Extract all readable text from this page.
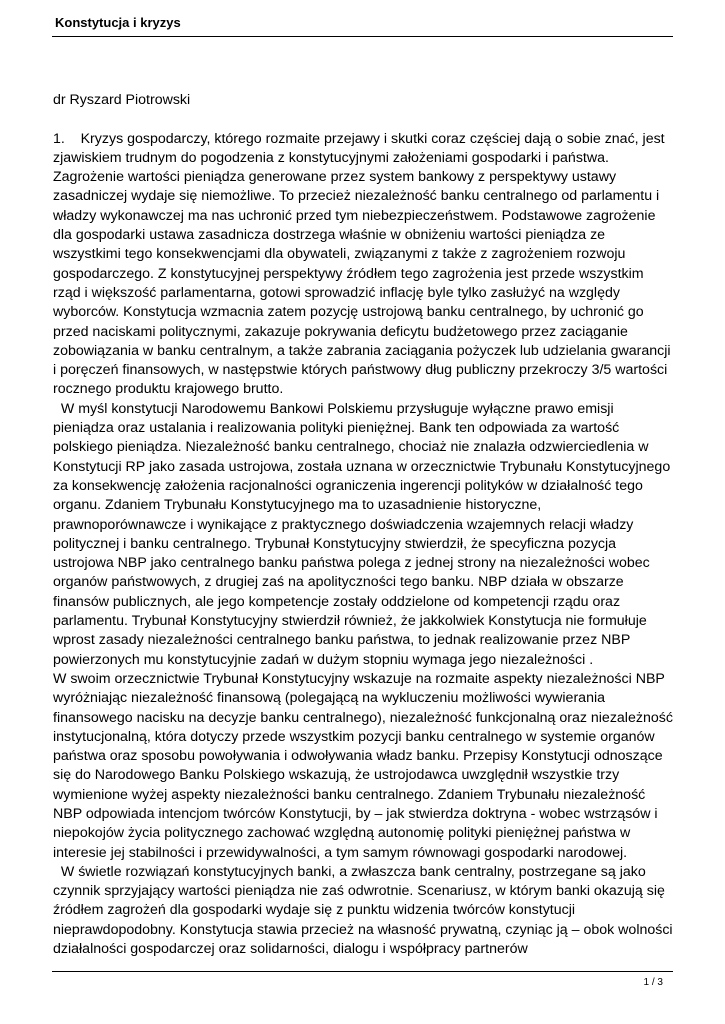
Konstytucja i kryzys

dr Ryszard Piotrowski

1.    Kryzys gospodarczy, którego rozmaite przejawy i skutki coraz częściej dają o sobie znać, jest zjawiskiem trudnym do pogodzenia z konstytucyjnymi założeniami gospodarki i państwa. Zagrożenie wartości pieniądza generowane przez system bankowy z perspektywy ustawy zasadniczej wydaje się niemożliwe. To przecież niezależność banku centralnego od parlamentu i władzy wykonawczej ma nas uchronić przed tym niebezpieczeństwem. Podstawowe zagrożenie dla gospodarki ustawa zasadnicza dostrzega właśnie w obniżeniu wartości pieniądza ze wszystkimi tego konsekwencjami dla obywateli, związanymi z także z zagrożeniem rozwoju gospodarczego. Z konstytucyjnej perspektywy źródłem tego zagrożenia jest przede wszystkim rząd i większość parlamentarna, gotowi sprowadzić inflację byle tylko zasłużyć na względy wyborców. Konstytucja wzmacnia zatem pozycję ustrojową banku centralnego, by uchronić go przed naciskami politycznymi, zakazuje pokrywania deficytu budżetowego przez zaciąganie zobowiązania w banku centralnym, a także zabrania zaciągania pożyczek lub udzielania gwarancji i poręczeń finansowych, w następstwie których państwowy dług publiczny przekroczy 3/5 wartości rocznego produktu krajowego brutto.

W myśl konstytucji Narodowemu Bankowi Polskiemu przysługuje wyłączne prawo emisji pieniądza oraz ustalania i realizowania polityki pieniężnej. Bank ten odpowiada za wartość polskiego pieniądza. Niezależność banku centralnego, chociaż nie znalazła odzwierciedlenia w Konstytucji RP jako zasada ustrojowa, została uznana w orzecznictwie Trybunału Konstytucyjnego za konsekwencję założenia racjonalności ograniczenia ingerencji polityków w działalność tego organu. Zdaniem Trybunału Konstytucyjnego ma to uzasadnienie historyczne, prawnoporównawcze i wynikające z praktycznego doświadczenia wzajemnych relacji władzy politycznej i banku centralnego. Trybunał Konstytucyjny stwierdził, że specyficzna pozycja ustrojowa NBP jako centralnego banku państwa polega z jednej strony na niezależności wobec organów państwowych, z drugiej zaś na apolityczności tego banku. NBP działa w obszarze finansów publicznych, ale jego kompetencje zostały oddzielone od kompetencji rządu oraz parlamentu. Trybunał Konstytucyjny stwierdził również, że jakkolwiek Konstytucja nie formułuje wprost zasady niezależności centralnego banku państwa, to jednak realizowanie przez NBP powierzonych mu konstytucyjnie zadań w dużym stopniu wymaga jego niezależności .

W swoim orzecznictwie Trybunał Konstytucyjny wskazuje na rozmaite aspekty niezależności NBP wyróżniając niezależność finansową (polegającą na wykluczeniu możliwości wywierania finansowego nacisku na decyzje banku centralnego), niezależność funkcjonalną oraz niezależność instytucjonalną, która dotyczy przede wszystkim pozycji banku centralnego w systemie organów państwa oraz sposobu powoływania i odwoływania władz banku. Przepisy Konstytucji odnoszące się do Narodowego Banku Polskiego wskazują, że ustrojodawca uwzględnił wszystkie trzy wymienione wyżej aspekty niezależności banku centralnego. Zdaniem Trybunału niezależność NBP odpowiada intencjom twórców Konstytucji, by – jak stwierdza doktryna - wobec wstrząsów i niepokojów życia politycznego zachować względną autonomię polityki pieniężnej państwa w interesie jej stabilności i przewidywalności, a tym samym równowagi gospodarki narodowej.

W świetle rozwiązań konstytucyjnych banki, a zwłaszcza bank centralny, postrzegane są jako czynnik sprzyjający wartości pieniądza nie zaś odwrotnie. Scenariusz, w którym banki okazują się źródłem zagrożeń dla gospodarki wydaje się z punktu widzenia twórców konstytucji nieprawdopodobny. Konstytucja stawia przecież na własność prywatną, czyniąc ją – obok wolności działalności gospodarczej oraz solidarności, dialogu i współpracy partnerów

1 / 3
